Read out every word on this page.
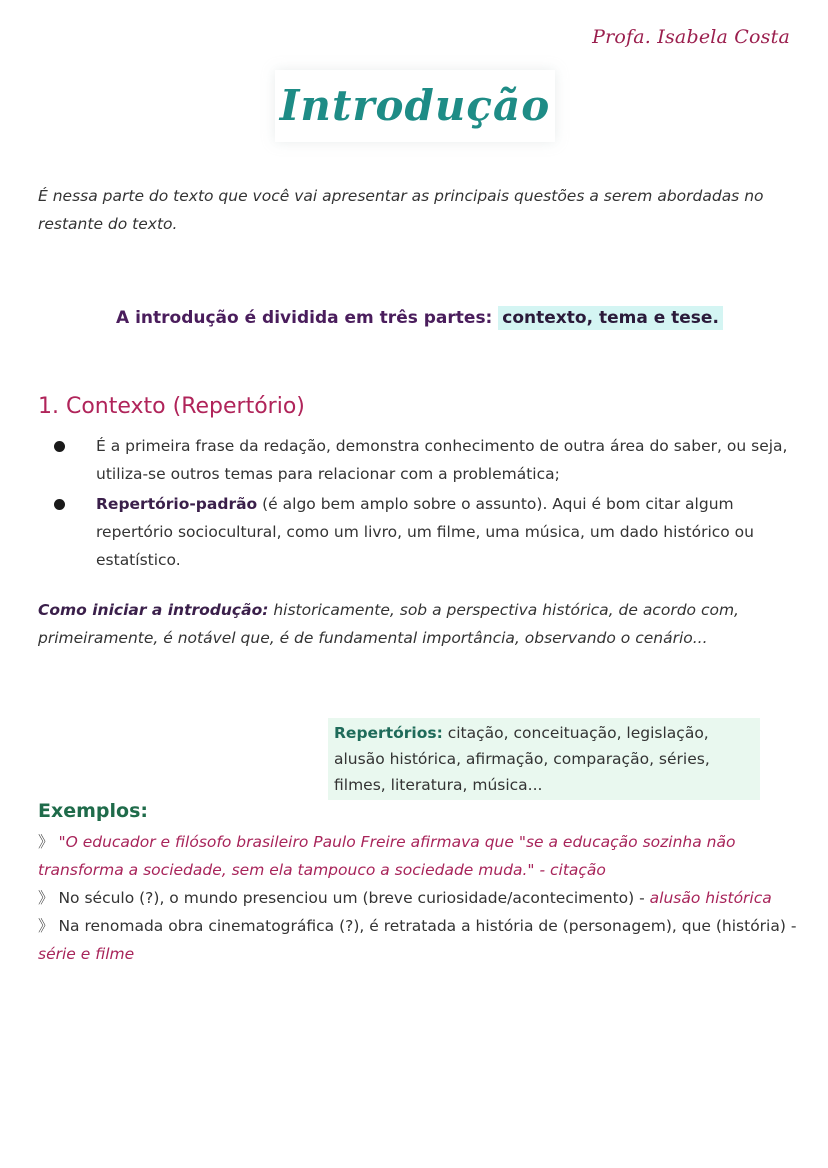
Profa. Isabela Costa
Introdução
É nessa parte do texto que você vai apresentar as principais questões a serem abordadas no restante do texto.
A introdução é dividida em três partes: contexto, tema e tese.
1. Contexto (Repertório)
É a primeira frase da redação, demonstra conhecimento de outra área do saber, ou seja, utiliza-se outros temas para relacionar com a problemática;
Repertório-padrão (é algo bem amplo sobre o assunto). Aqui é bom citar algum repertório sociocultural, como um livro, um filme, uma música, um dado histórico ou estatístico.
Como iniciar a introdução: historicamente, sob a perspectiva histórica, de acordo com, primeiramente, é notável que, é de fundamental importância, observando o cenário...
Repertórios: citação, conceituação, legislação, alusão histórica, afirmação, comparação, séries, filmes, literatura, música...
Exemplos:
》 "O educador e filósofo brasileiro Paulo Freire afirmava que "se a educação sozinha não transforma a sociedade, sem ela tampouco a sociedade muda." - citação
》 No século (?), o mundo presenciou um (breve curiosidade/acontecimento) - alusão histórica
》 Na renomada obra cinematográfica (?), é retratada a história de (personagem), que (história) - série e filme
